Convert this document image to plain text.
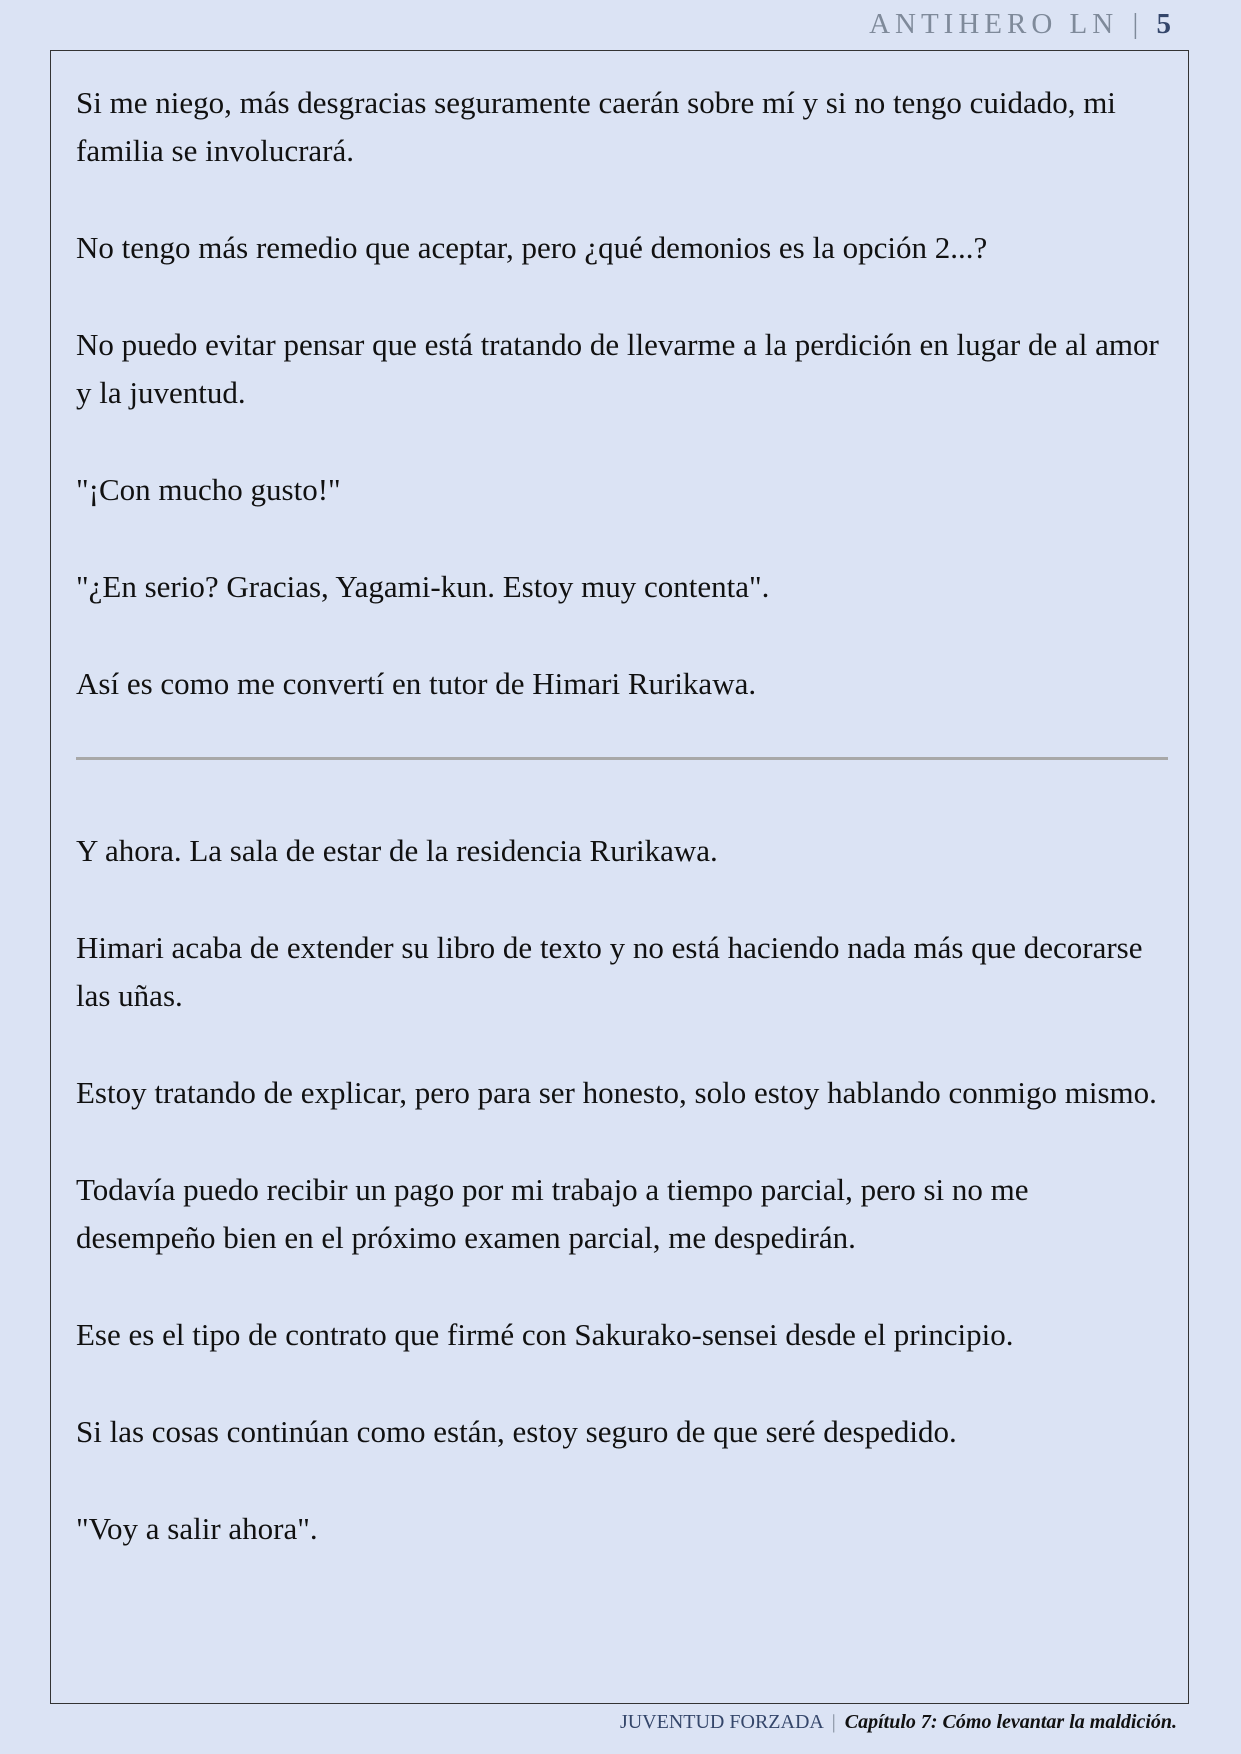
ANTIHERO LN | 5

Si me niego, más desgracias seguramente caerán sobre mí y si no tengo cuidado, mi familia se involucrará.

No tengo más remedio que aceptar, pero ¿qué demonios es la opción 2...?

No puedo evitar pensar que está tratando de llevarme a la perdición en lugar de al amor y la juventud.

"¡Con mucho gusto!"

"¿En serio? Gracias, Yagami-kun. Estoy muy contenta".

Así es como me convertí en tutor de Himari Rurikawa.

Y ahora. La sala de estar de la residencia Rurikawa.

Himari acaba de extender su libro de texto y no está haciendo nada más que decorarse las uñas.

Estoy tratando de explicar, pero para ser honesto, solo estoy hablando conmigo mismo.

Todavía puedo recibir un pago por mi trabajo a tiempo parcial, pero si no me desempeño bien en el próximo examen parcial, me despedirán.

Ese es el tipo de contrato que firmé con Sakurako-sensei desde el principio.

Si las cosas continúan como están, estoy seguro de que seré despedido.

"Voy a salir ahora".

JUVENTUD FORZADA | Capítulo 7: Cómo levantar la maldición.
